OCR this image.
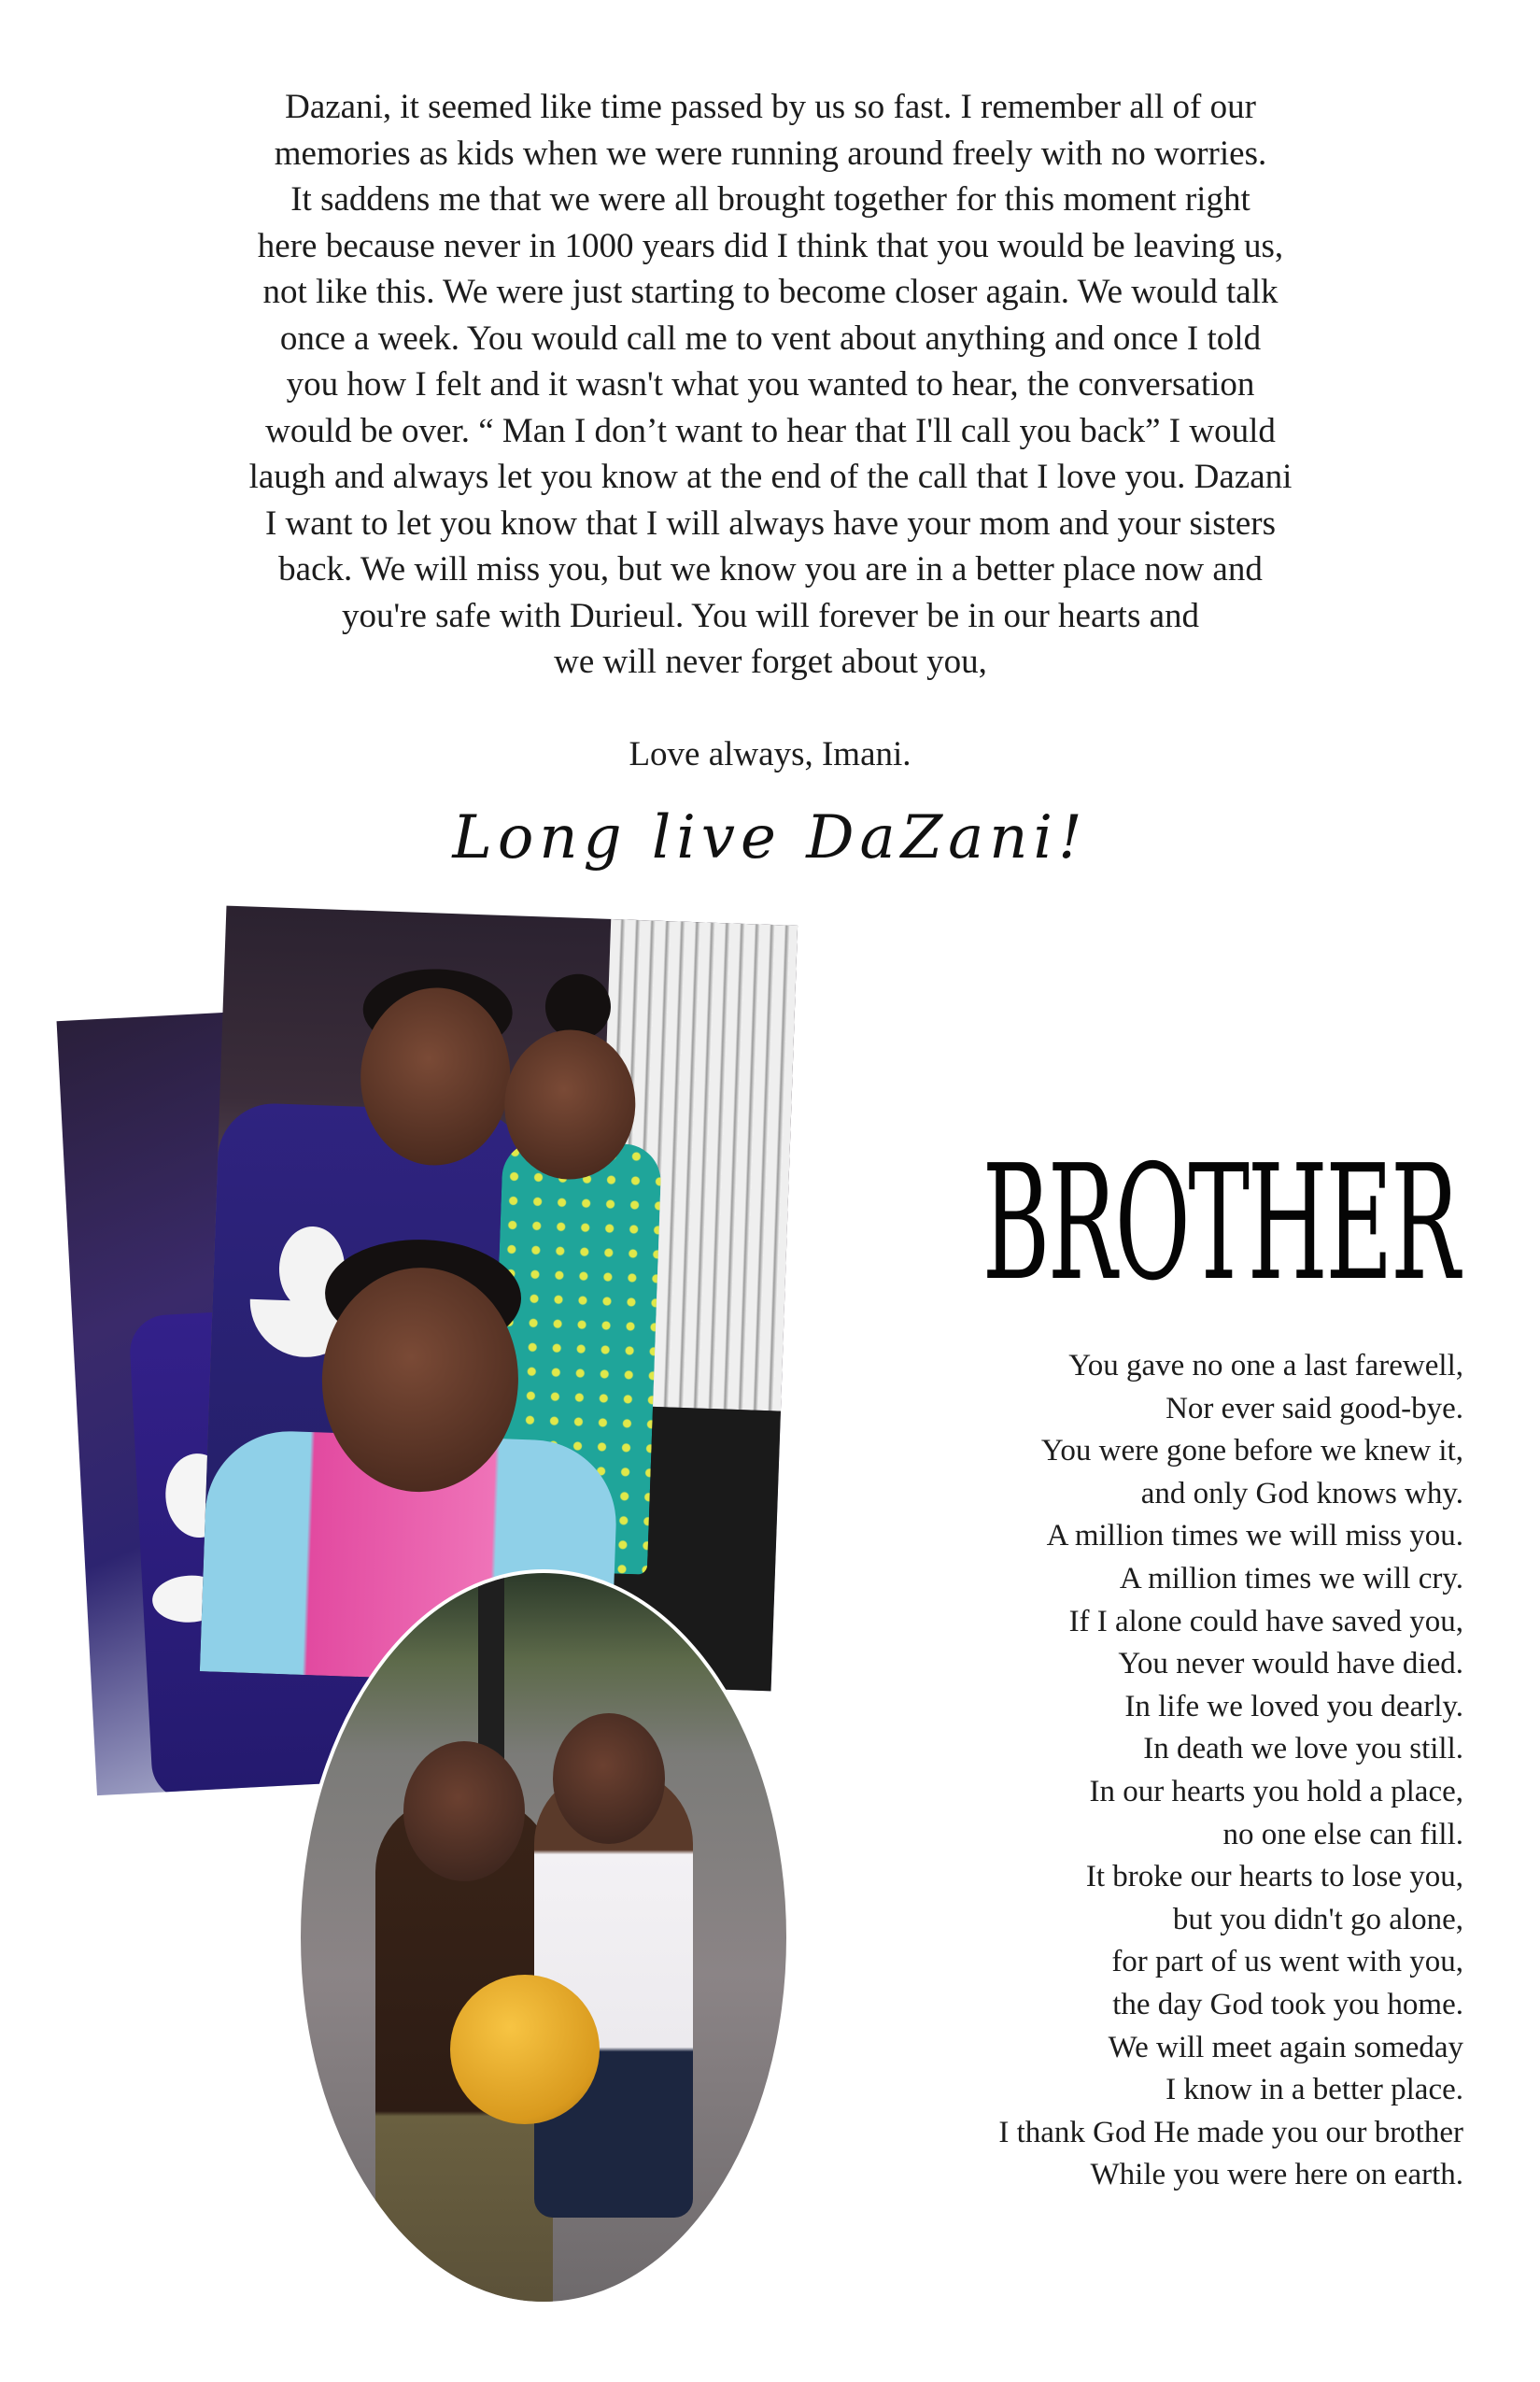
Dazani, it seemed like time passed by us so fast. I remember all of our

memories as kids when we were running around freely with no worries.

It saddens me that we were all brought together for this moment right

here because never in 1000 years did I think that you would be leaving us,

not like this. We were just starting to become closer again. We would talk

once a week. You would call me to vent about anything and once I told

you how I felt and it wasn't what you wanted to hear, the conversation

would be over. “ Man I don’t want to hear that I'll call you back” I would

laugh and always let you know at the end of the call that I love you. Dazani

I want to let you know that I will always have your mom and your sisters

back. We will miss you, but we know you are in a better place now and

you're safe with Durieul. You will forever be in our hearts and

we will never forget about you,

Love always, Imani.
Long live DaZani!
BROTHER
You gave no one a last farewell,
Nor ever said good-bye.
You were gone before we knew it,
and only God knows why.
A million times we will miss you.
A million times we will cry.
If I alone could have saved you,
You never would have died.
In life we loved you dearly.
In death we love you still.
In our hearts you hold a place,
no one else can fill.
It broke our hearts to lose you,
but you didn't go alone,
for part of us went with you,
the day God took you home.
We will meet again someday
I know in a better place.
I thank God He made you our brother
While you were here on earth.
